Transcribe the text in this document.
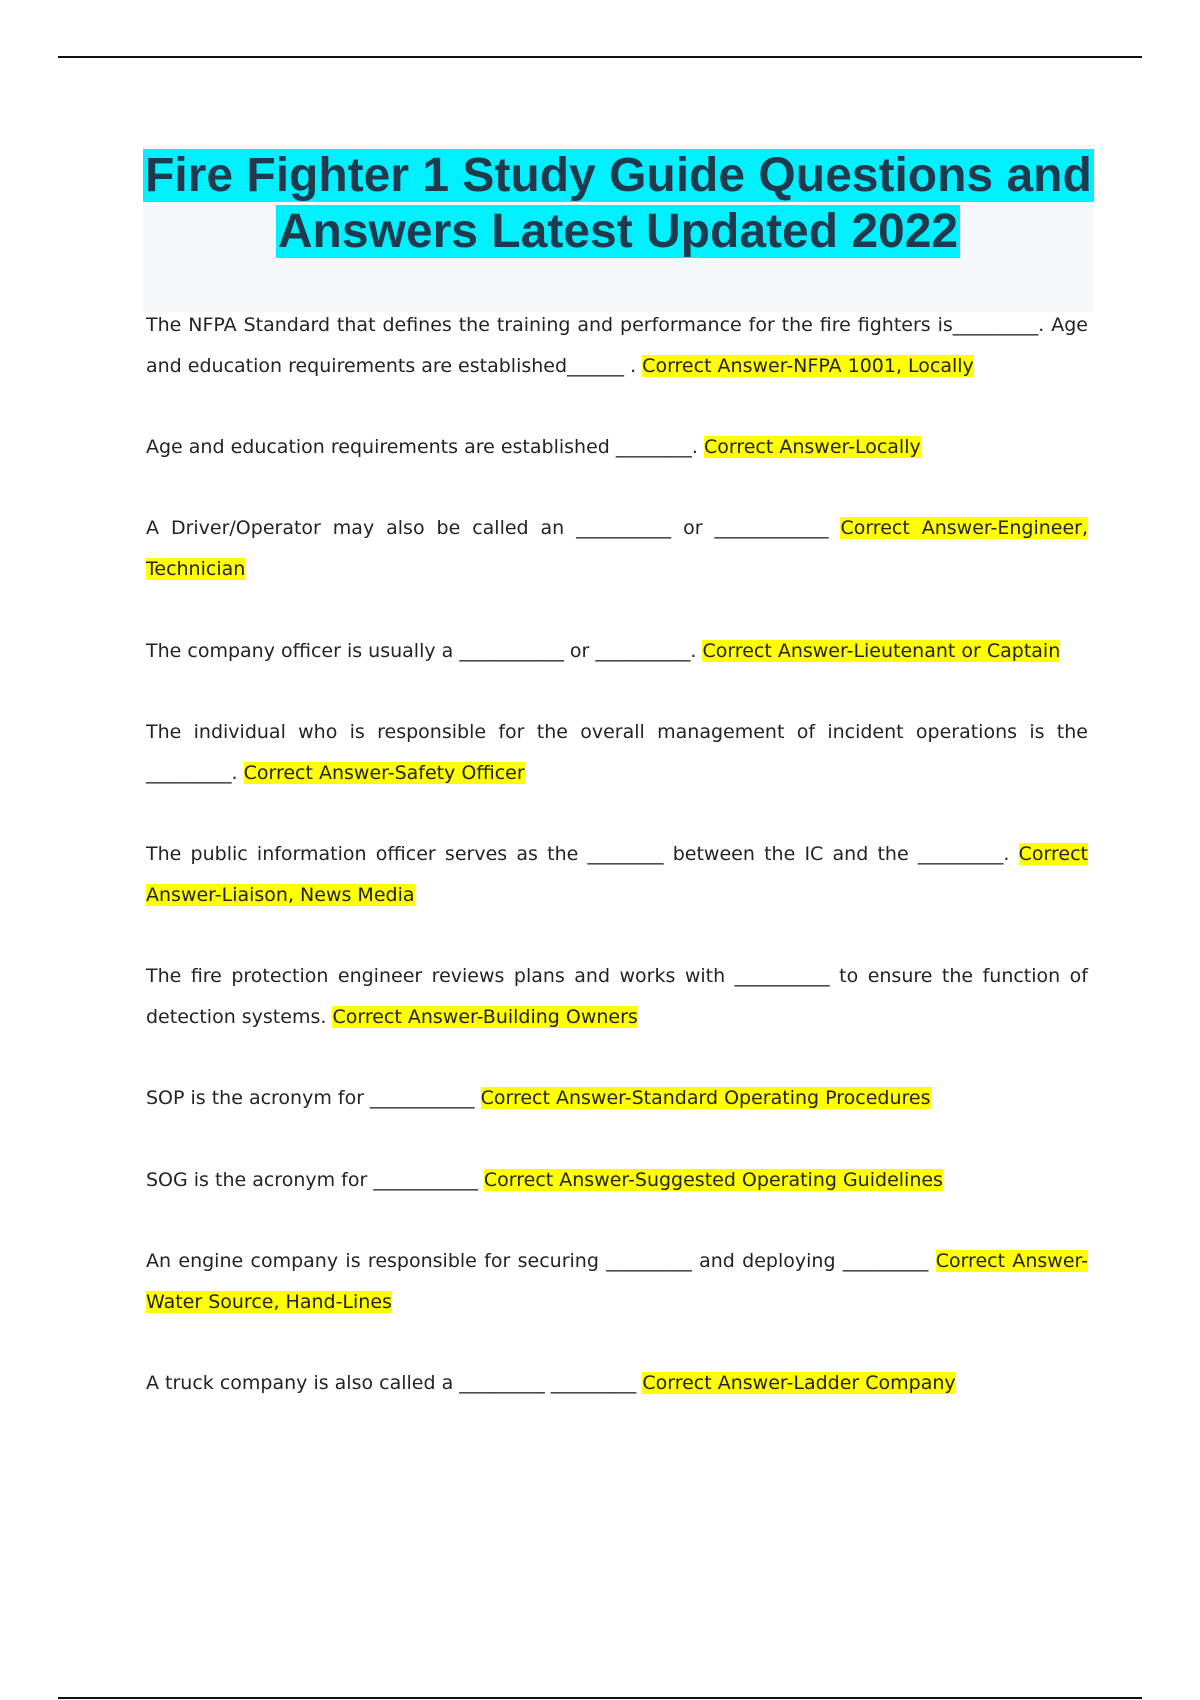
Fire Fighter 1 Study Guide Questions and Answers Latest Updated 2022

The NFPA Standard that defines the training and performance for the fire fighters is_________. Age and education requirements are established______ . Correct Answer-NFPA 1001, Locally

Age and education requirements are established ________. Correct Answer-Locally

A Driver/Operator may also be called an __________ or ____________ Correct Answer-Engineer, Technician

The company officer is usually a ___________ or __________. Correct Answer-Lieutenant or Captain

The individual who is responsible for the overall management of incident operations is the _________. Correct Answer-Safety Officer

The public information officer serves as the ________ between the IC and the _________. Correct Answer-Liaison, News Media

The fire protection engineer reviews plans and works with __________ to ensure the function of detection systems. Correct Answer-Building Owners

SOP is the acronym for ___________ Correct Answer-Standard Operating Procedures

SOG is the acronym for ___________ Correct Answer-Suggested Operating Guidelines

An engine company is responsible for securing _________ and deploying _________ Correct Answer-Water Source, Hand-Lines

A truck company is also called a _________ _________ Correct Answer-Ladder Company
